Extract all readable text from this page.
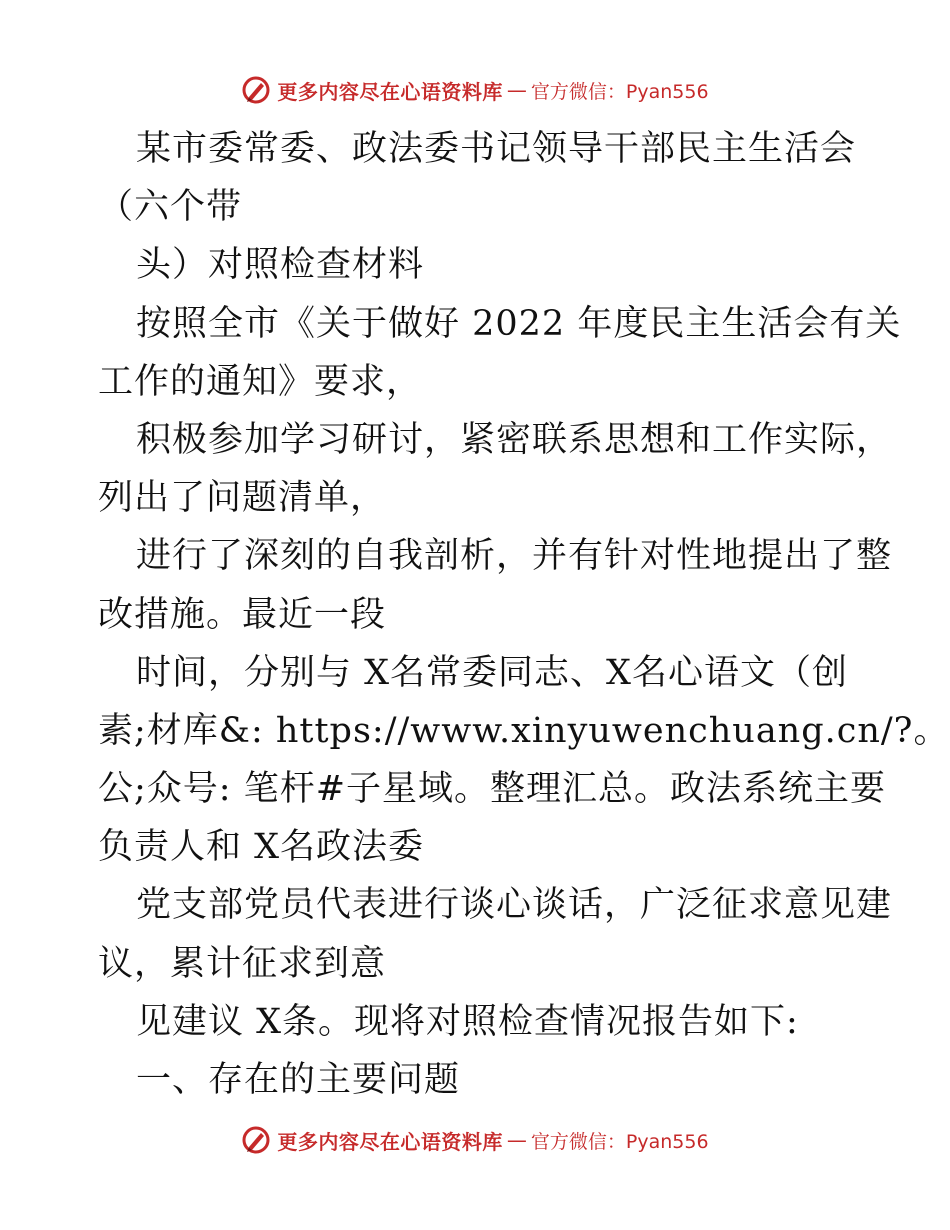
更多内容尽在心语资料库 — 官方微信：Pyan556
某市委常委、政法委书记领导干部民主生活会
（六个带
头）对照检查材料
按照全市《关于做好 2022 年度民主生活会有关
工作的通知》要求，
积极参加学习研讨，紧密联系思想和工作实际，
列出了问题清单，
进行了深刻的自我剖析，并有针对性地提出了整
改措施。最近一段
时间，分别与 X名常委同志、X名心语文（创
素;材库&: https://www.xinyuwenchuang.cn/?。
公;众号: 笔杆#子星域。整理汇总。政法系统主要
负责人和 X名政法委
党支部党员代表进行谈心谈话，广泛征求意见建
议，累计征求到意
见建议 X条。现将对照检查情况报告如下:
一、存在的主要问题
更多内容尽在心语资料库 — 官方微信：Pyan556
